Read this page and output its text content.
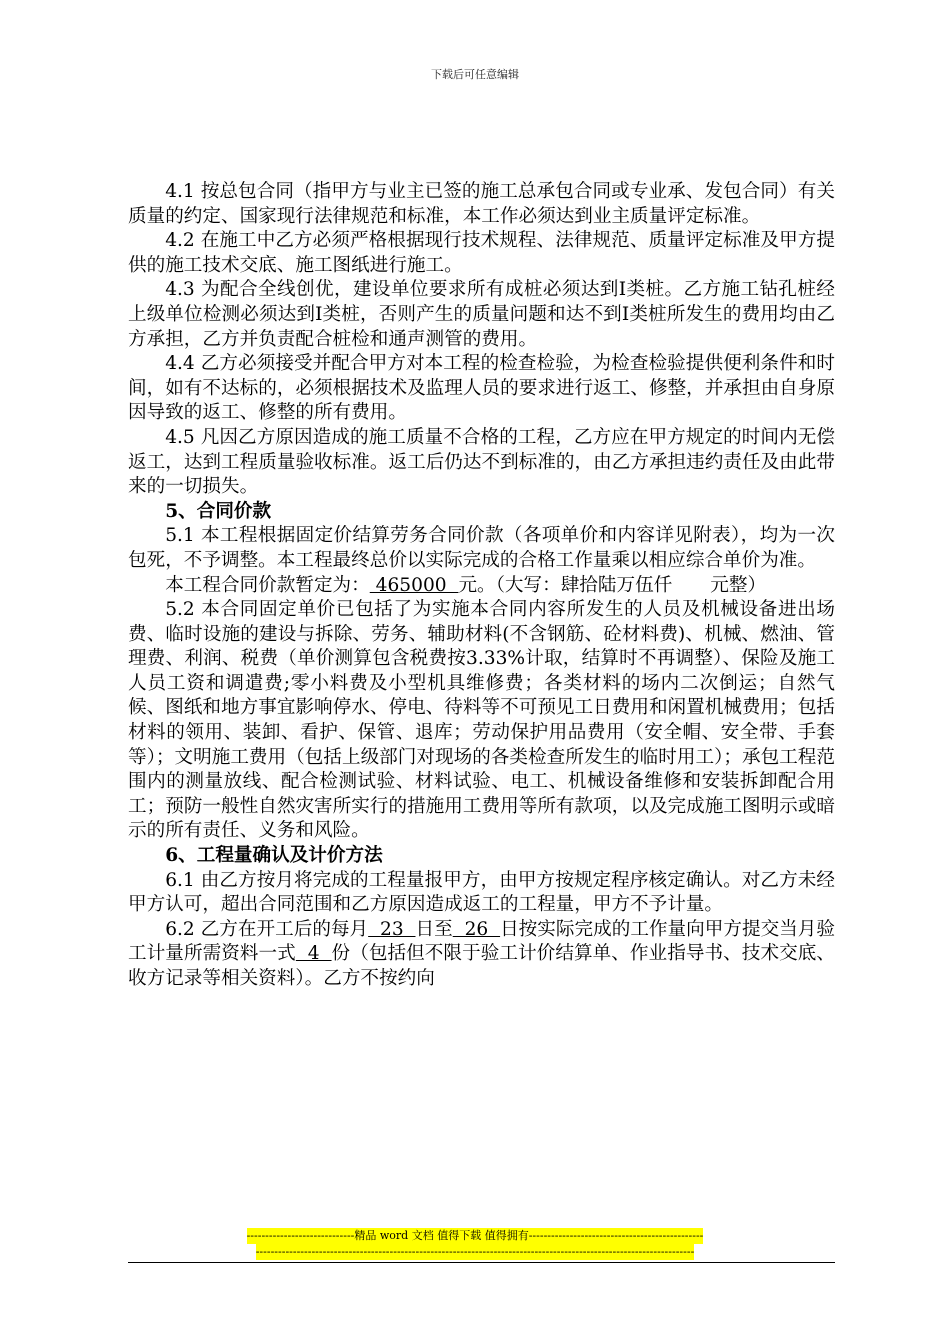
下载后可任意编辑

4.1 按总包合同（指甲方与业主已签的施工总承包合同或专业承、发包合同）有关质量的约定、国家现行法律规范和标准，本工作必须达到业主质量评定标准。

4.2 在施工中乙方必须严格根据现行技术规程、法律规范、质量评定标准及甲方提供的施工技术交底、施工图纸进行施工。

4.3 为配合全线创优，建设单位要求所有成桩必须达到Ⅰ类桩。乙方施工钻孔桩经上级单位检测必须达到Ⅰ类桩，否则产生的质量问题和达不到Ⅰ类桩所发生的费用均由乙方承担，乙方并负责配合桩检和通声测管的费用。

4.4 乙方必须接受并配合甲方对本工程的检查检验，为检查检验提供便利条件和时间，如有不达标的，必须根据技术及监理人员的要求进行返工、修整，并承担由自身原因导致的返工、修整的所有费用。

4.5 凡因乙方原因造成的施工质量不合格的工程，乙方应在甲方规定的时间内无偿返工，达到工程质量验收标准。返工后仍达不到标准的，由乙方承担违约责任及由此带来的一切损失。

5、合同价款

5.1 本工程根据固定价结算劳务合同价款（各项单价和内容详见附表），均为一次包死，不予调整。本工程最终总价以实际完成的合格工作量乘以相应综合单价为准。

本工程合同价款暂定为： 465000  元。（大写：肆拾陆万伍仟 元整）

5.2 本合同固定单价已包括了为实施本合同内容所发生的人员及机械设备进出场费、临时设施的建设与拆除、劳务、辅助材料(不含钢筋、砼材料费)、机械、燃油、管理费、利润、税费（单价测算包含税费按3.33%计取，结算时不再调整）、保险及施工人员工资和调遣费;零小料费及小型机具维修费；各类材料的场内二次倒运；自然气候、图纸和地方事宜影响停水、停电、待料等不可预见工日费用和闲置机械费用；包括材料的领用、装卸、看护、保管、退库；劳动保护用品费用（安全帽、安全带、手套等）；文明施工费用（包括上级部门对现场的各类检查所发生的临时用工）；承包工程范围内的测量放线、配合检测试验、材料试验、电工、机械设备维修和安装拆卸配合用工；预防一般性自然灾害所实行的措施用工费用等所有款项，以及完成施工图明示或暗示的所有责任、义务和风险。

6、工程量确认及计价方法

6.1 由乙方按月将完成的工程量报甲方，由甲方按规定程序核定确认。对乙方未经甲方认可，超出合同范围和乙方原因造成返工的工程量，甲方不予计量。

6.2 乙方在开工后的每月  23  日至  26  日按实际完成的工作量向甲方提交当月验工计量所需资料一式  4  份（包括但不限于验工计价结算单、作业指导书、技术交底、收方记录等相关资料）。乙方不按约向

-----------------------------精品 word 文档 值得下载 值得拥有-----------------------------------------------
----------------------------------------------------------------------------------------------------------------------
